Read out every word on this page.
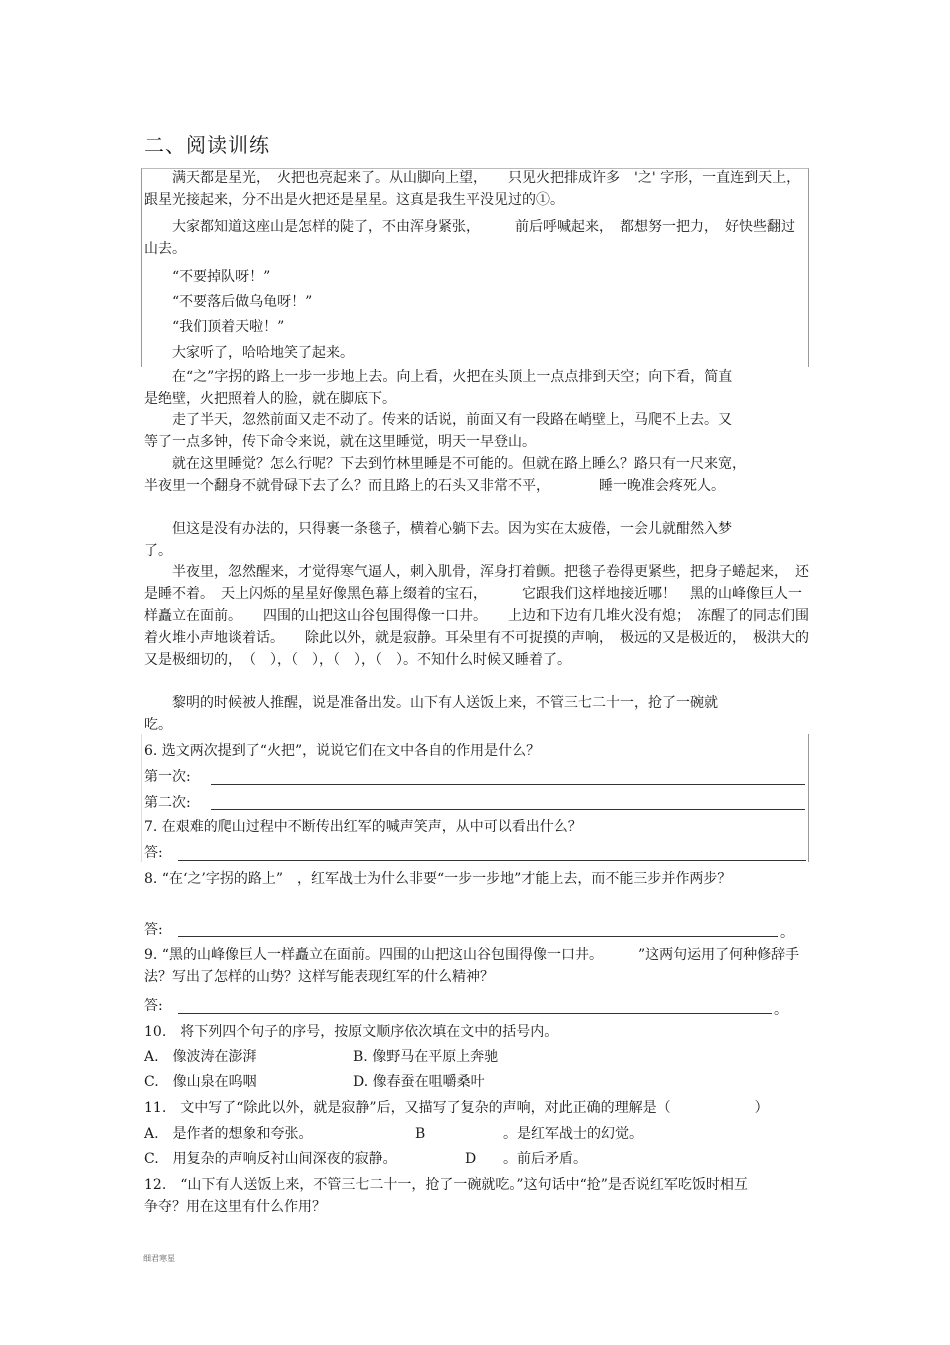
二、阅读训练
　　满天都是星光，　火把也亮起来了。从山脚向上望，　　只见火把排成许多　'之' 字形，一直连到天上，跟星光接起来，分不出是火把还是星星。这真是我生平没见过的①。
　　大家都知道这座山是怎样的陡了，不由浑身紧张，　　　前后呼喊起来，　都想努一把力，　好快些翻过山去。
　　“不要掉队呀！”
　　“不要落后做乌龟呀！”
　　“我们顶着天啦！”
　　大家听了，哈哈地笑了起来。
　　在“之”字拐的路上一步一步地上去。向上看，火把在头顶上一点点排到天空；向下看，简直是绝壁，火把照着人的脸，就在脚底下。
　　走了半天，忽然前面又走不动了。传来的话说，前面又有一段路在峭壁上，马爬不上去。又等了一点多钟，传下命令来说，就在这里睡觉，明天一早登山。
　　就在这里睡觉？怎么行呢？下去到竹林里睡是不可能的。但就在路上睡么？路只有一尺来宽，　半夜里一个翻身不就骨碌下去了么？而且路上的石头又非常不平，　　　　睡一晚准会疼死人。
　　但这是没有办法的，只得裹一条毯子，横着心躺下去。因为实在太疲倦，一会儿就酣然入梦了。
　　半夜里，忽然醒来，才觉得寒气逼人，刺入肌骨，浑身打着颤。把毯子卷得更紧些，把身子蜷起来，　还是睡不着。　天上闪烁的星星好像黑色幕上缀着的宝石，　　　它跟我们这样地接近哪！　黑的山峰像巨人一样矗立在面前。　　四围的山把这山谷包围得像一口井。　　上边和下边有几堆火没有熄；　冻醒了的同志们围着火堆小声地谈着话。　　除此以外，就是寂静。耳朵里有不可捉摸的声响，　极远的又是极近的，　极洪大的又是极细切的，　（　），（　），（　），（　）。不知什么时候又睡着了。
　　黎明的时候被人推醒，说是准备出发。山下有人送饭上来，不管三七二十一，抢了一碗就吃。
6. 选文两次提到了“火把”，说说它们在文中各自的作用是什么？
第一次:
第二次:
7. 在艰难的爬山过程中不断传出红军的喊声笑声，从中可以看出什么？
答:
8. “在‘之’字拐的路上”　，红军战士为什么非要“一步一步地”才能上去，而不能三步并作两步？
答:	。
9. “黑的山峰像巨人一样矗立在面前。四围的山把这山谷包围得像一口井。　　　”这两句运用了何种修辞手法？写出了怎样的山势？这样写能表现红军的什么精神？
答:	。
10.　将下列四个句子的序号，按原文顺序依次填在文中的括号内。
A.　像波涛在澎湃	B. 像野马在平原上奔驰
C.　像山泉在呜咽	D. 像春蚕在咀嚼桑叶
11.　文中写了“除此以外，就是寂静”后，又描写了复杂的声响，对此正确的理解是（　　　　　　）
A.　是作者的想象和夸张。	B	。是红军战士的幻觉。
C.　用复杂的声响反衬山间深夜的寂静。	D 。前后矛盾。
12.　“山下有人送饭上来，不管三七二十一，抢了一碗就吃。”这句话中“抢”是否说红军吃饭时相互争夺？用在这里有什么作用？
细君寒星
